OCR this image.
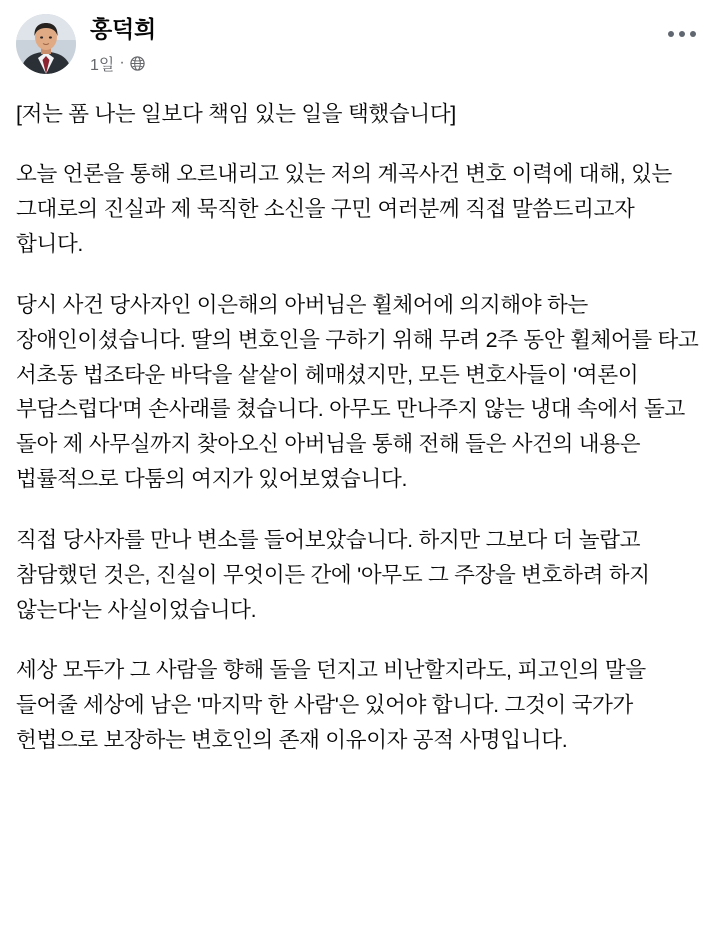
홍덕희
1일 ·

[저는 폼 나는 일보다 책임 있는 일을 택했습니다]

오늘 언론을 통해 오르내리고 있는 저의 계곡사건 변호 이력에 대해, 있는 그대로의 진실과 제 묵직한 소신을 구민 여러분께 직접 말씀드리고자 합니다.

당시 사건 당사자인 이은해의 아버님은 휠체어에 의지해야 하는 장애인이셨습니다. 딸의 변호인을 구하기 위해 무려 2주 동안 휠체어를 타고 서초동 법조타운 바닥을 샅샅이 헤매셨지만, 모든 변호사들이 '여론이 부담스럽다'며 손사래를 쳤습니다. 아무도 만나주지 않는 냉대 속에서 돌고 돌아 제 사무실까지 찾아오신 아버님을 통해 전해 들은 사건의 내용은 법률적으로 다툼의 여지가 있어보였습니다.

직접 당사자를 만나 변소를 들어보았습니다. 하지만 그보다 더 놀랍고 참담했던 것은, 진실이 무엇이든 간에 '아무도 그 주장을 변호하려 하지 않는다'는 사실이었습니다.

세상 모두가 그 사람을 향해 돌을 던지고 비난할지라도, 피고인의 말을 들어줄 세상에 남은 '마지막 한 사람'은 있어야 합니다. 그것이 국가가 헌법으로 보장하는 변호인의 존재 이유이자 공적 사명입니다.
